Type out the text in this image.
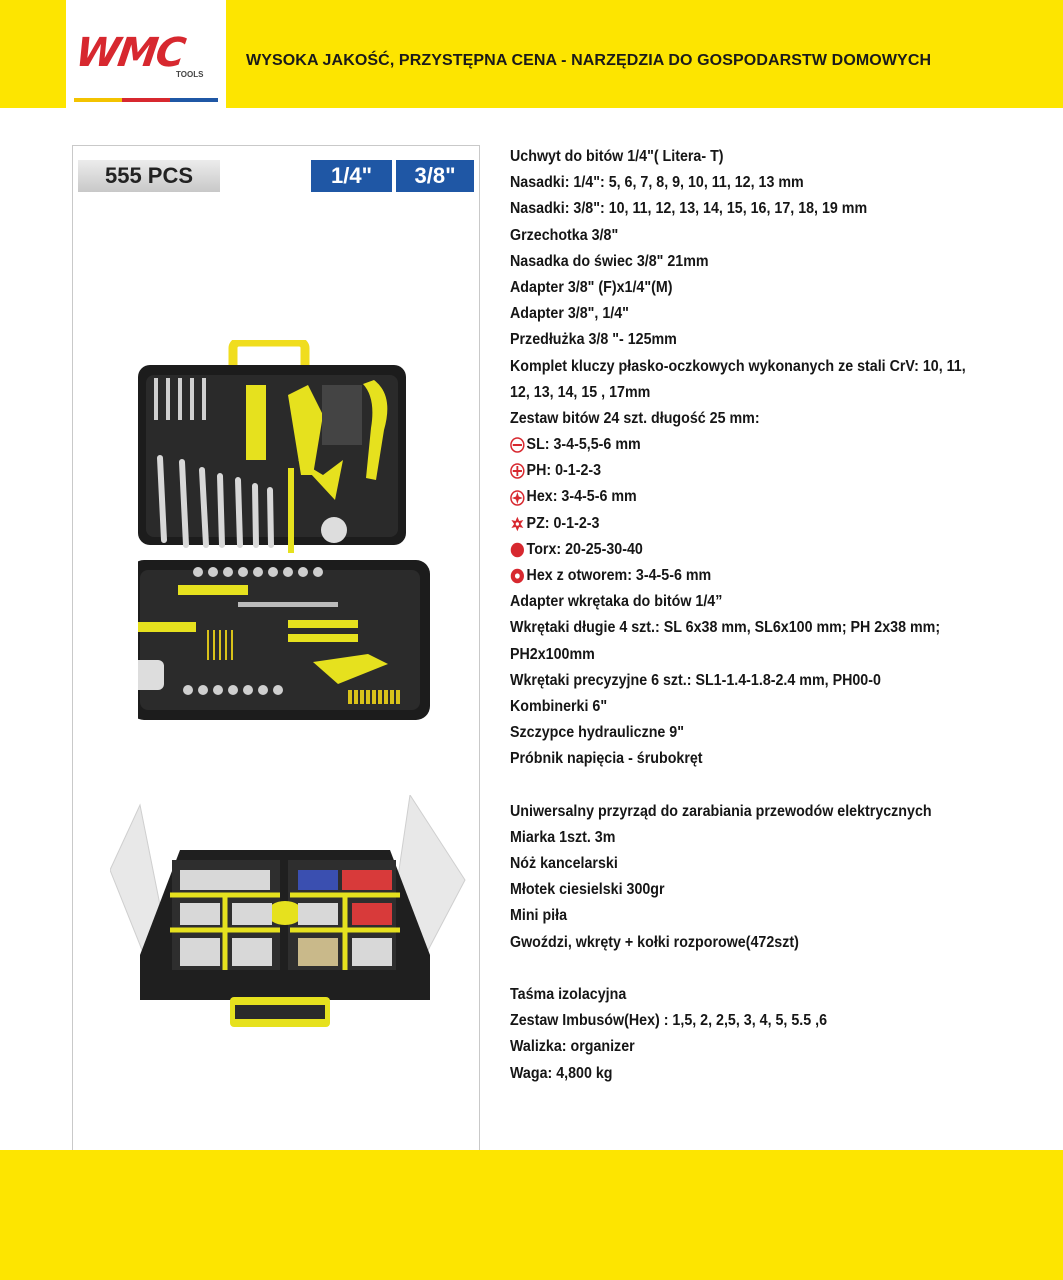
WMC
TOOLS
WYSOKA JAKOŚĆ, PRZYSTĘPNA CENA - NARZĘDZIA DO GOSPODARSTW DOMOWYCH
555 PCS	1/4"	3/8"
Uchwyt do bitów 1/4"( Litera- T)
Nasadki: 1/4": 5, 6, 7, 8, 9, 10, 11, 12, 13 mm
Nasadki: 3/8": 10, 11, 12, 13, 14, 15, 16, 17, 18, 19 mm
Grzechotka 3/8"
Nasadka do świec 3/8" 21mm
Adapter 3/8" (F)x1/4"(M)
Adapter 3/8", 1/4"
Przedłużka 3/8 "- 125mm
Komplet kluczy płasko-oczkowych wykonanych ze stali CrV: 10, 11,
12, 13, 14, 15 , 17mm
Zestaw bitów 24 szt. długość 25 mm:
SL: 3-4-5,5-6 mm
PH: 0-1-2-3
Hex: 3-4-5-6 mm
PZ: 0-1-2-3
Torx: 20-25-30-40
Hex z otworem: 3-4-5-6 mm
Adapter wkrętaka do bitów 1/4”
Wkrętaki długie 4 szt.: SL 6x38 mm, SL6x100 mm; PH 2x38 mm;
PH2x100mm
Wkrętaki precyzyjne 6 szt.: SL1-1.4-1.8-2.4 mm, PH00-0
Kombinerki 6"
Szczypce hydrauliczne 9"
Próbnik napięcia - śrubokręt
Uniwersalny przyrząd do zarabiania przewodów elektrycznych
Miarka 1szt. 3m
Nóż kancelarski
Młotek ciesielski 300gr
Mini piła
Gwoździ, wkręty + kołki rozporowe(472szt)
Taśma izolacyjna
Zestaw Imbusów(Hex) : 1,5, 2, 2,5, 3, 4, 5, 5.5 ,6
Walizka: organizer
Waga: 4,800 kg
